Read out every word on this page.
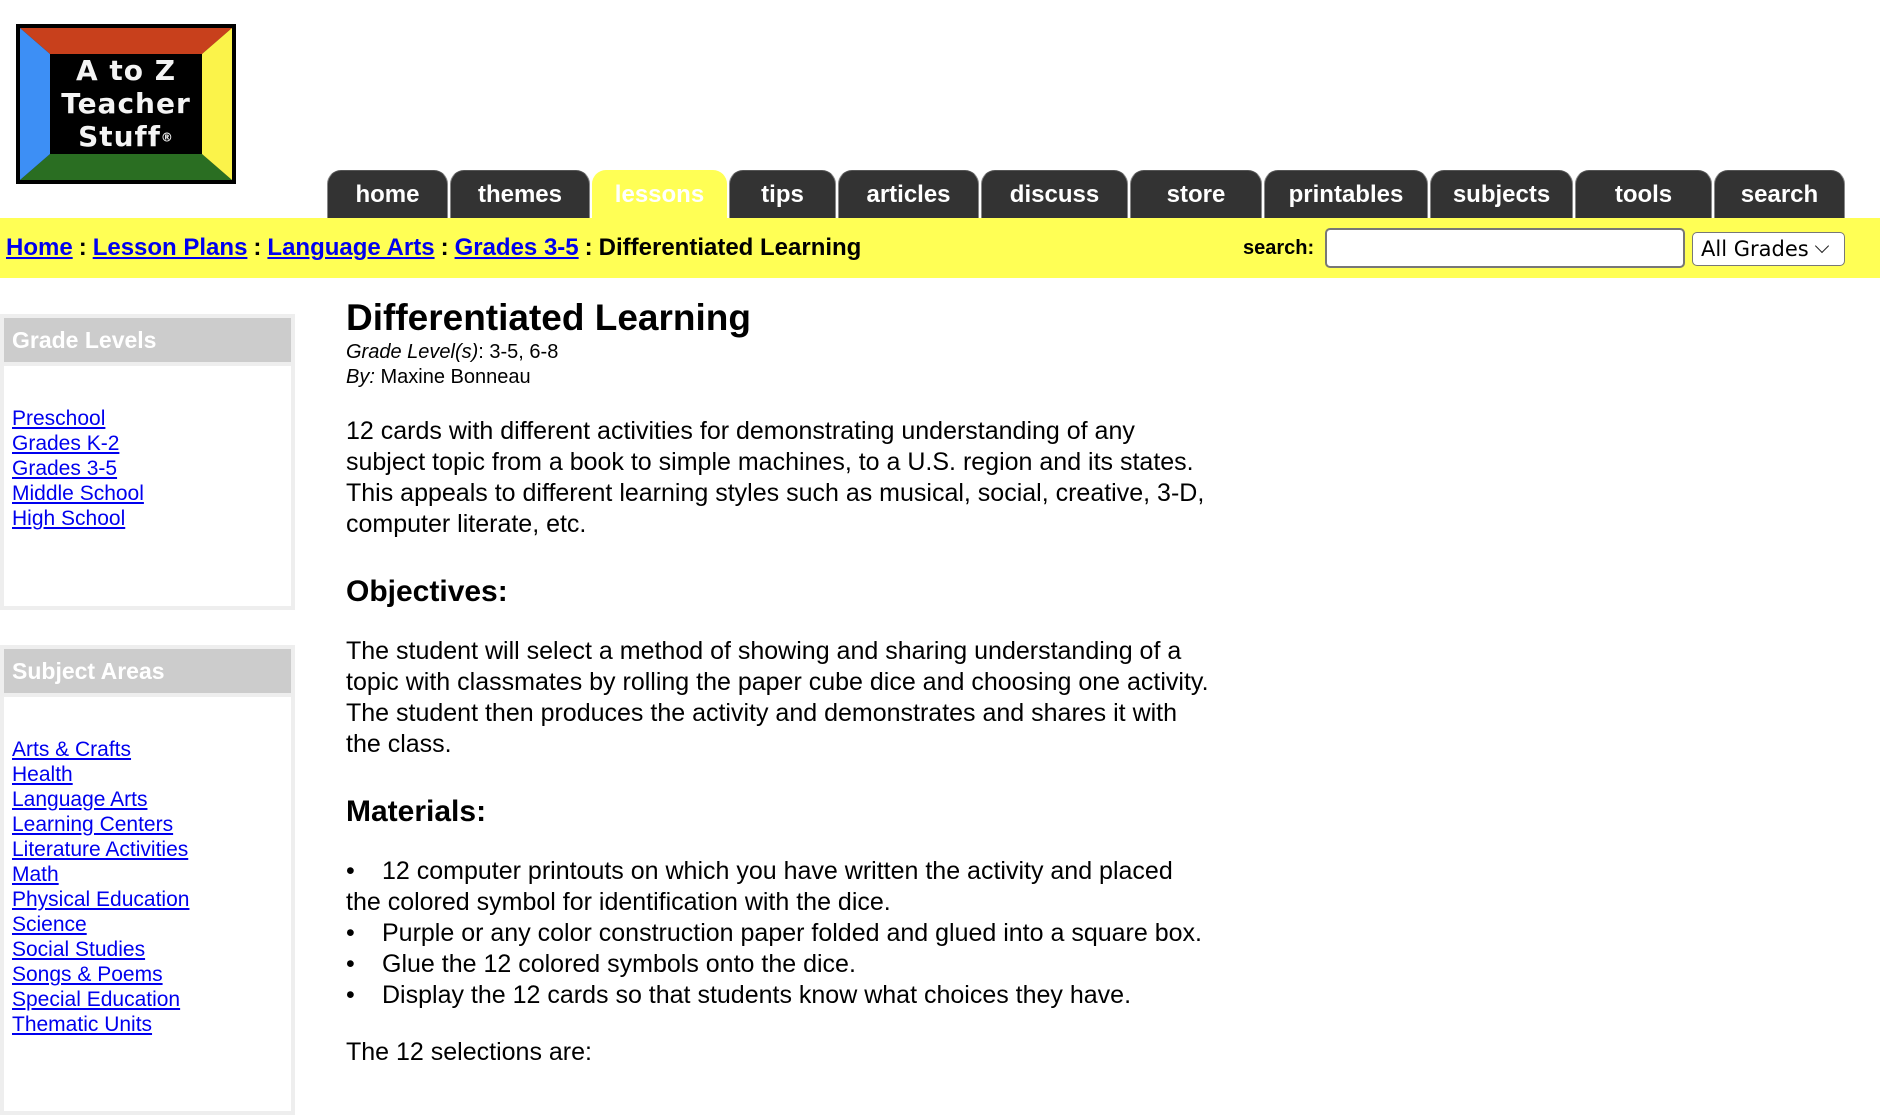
A to Z
Teacher
Stuff®
home	themes	lessons	tips	articles	discuss	store	printables	subjects	tools	search
Home : Lesson Plans : Language Arts : Grades 3-5 : Differentiated Learning	search:	All Grades
Grade Levels
Preschool
Grades K-2
Grades 3-5
Middle School
High School
Subject Areas
Arts & Crafts
Health
Language Arts
Learning Centers
Literature Activities
Math
Physical Education
Science
Social Studies
Songs & Poems
Special Education
Thematic Units
Differentiated Learning
Grade Level(s): 3-5, 6-8
By: Maxine Bonneau

12 cards with different activities for demonstrating understanding of any
subject topic from a book to simple machines, to a U.S. region and its states.
This appeals to different learning styles such as musical, social, creative, 3-D,
computer literate, etc.

Objectives:

The student will select a method of showing and sharing understanding of a
topic with classmates by rolling the paper cube dice and choosing one activity.
The student then produces the activity and demonstrates and shares it with
the class.

Materials:
• 12 computer printouts on which you have written the activity and placed
the colored symbol for identification with the dice.
• Purple or any color construction paper folded and glued into a square box.
• Glue the 12 colored symbols onto the dice.
• Display the 12 cards so that students know what choices they have.

The 12 selections are:
